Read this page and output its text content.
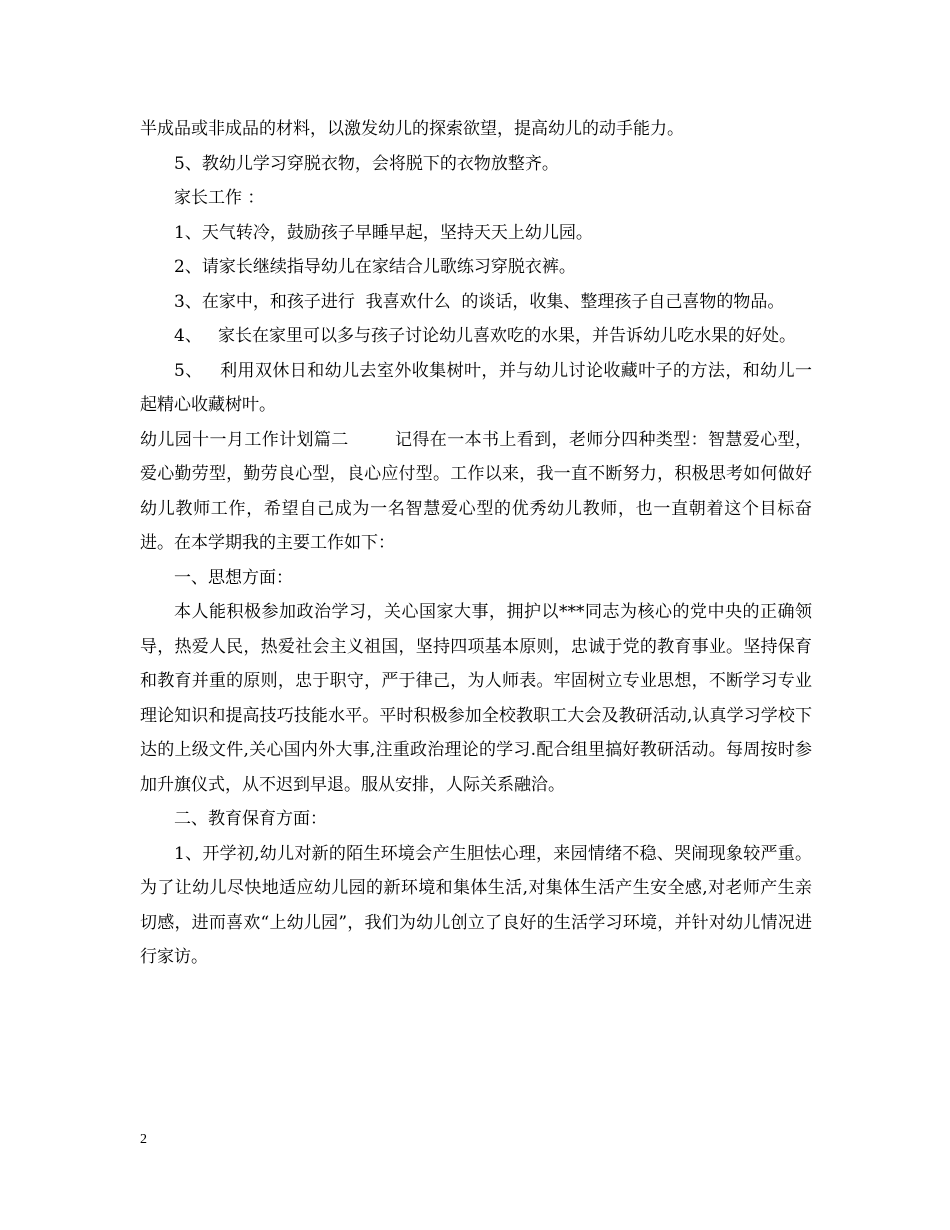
半成品或非成品的材料，以激发幼儿的探索欲望，提高幼儿的动手能力。

5、教幼儿学习穿脱衣物，会将脱下的衣物放整齐。

家长工作 ：

1、天气转冷，鼓励孩子早睡早起，坚持天天上幼儿园。

2、请家长继续指导幼儿在家结合儿歌练习穿脱衣裤。

3、在家中，和孩子进行  我喜欢什么  的谈话，收集、整理孩子自己喜物的物品。

4、   家长在家里可以多与孩子讨论幼儿喜欢吃的水果，并告诉幼儿吃水果的好处。

5、   利用双休日和幼儿去室外收集树叶，并与幼儿讨论收藏叶子的方法，和幼儿一起精心收藏树叶。

幼儿园十一月工作计划篇二        记得在一本书上看到，老师分四种类型：智慧爱心型，爱心勤劳型，勤劳良心型，良心应付型。工作以来，我一直不断努力，积极思考如何做好幼儿教师工作，希望自己成为一名智慧爱心型的优秀幼儿教师，也一直朝着这个目标奋进。在本学期我的主要工作如下：

一、思想方面：

本人能积极参加政治学习，关心国家大事，拥护以***同志为核心的党中央的正确领导，热爱人民，热爱社会主义祖国，坚持四项基本原则，忠诚于党的教育事业。坚持保育和教育并重的原则，忠于职守，严于律己，为人师表。牢固树立专业思想，不断学习专业理论知识和提高技巧技能水平。平时积极参加全校教职工大会及教研活动,认真学习学校下达的上级文件,关心国内外大事,注重政治理论的学习.配合组里搞好教研活动。每周按时参加升旗仪式，从不迟到早退。服从安排，人际关系融洽。

二、教育保育方面：

1、开学初,幼儿对新的陌生环境会产生胆怯心理，来园情绪不稳、哭闹现象较严重。为了让幼儿尽快地适应幼儿园的新环境和集体生活,对集体生活产生安全感,对老师产生亲切感，进而喜欢“上幼儿园”，我们为幼儿创立了良好的生活学习环境，并针对幼儿情况进行家访。

2
